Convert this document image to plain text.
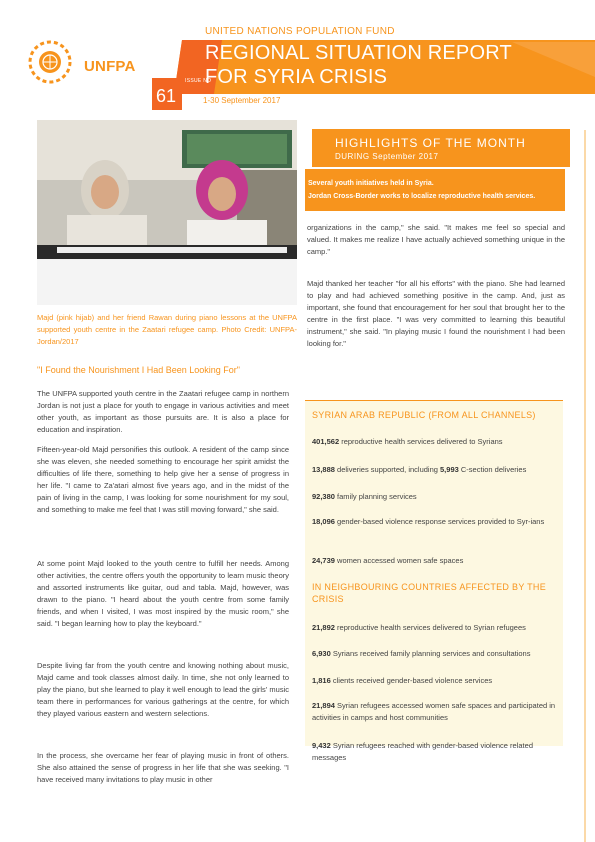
UNFPA
UNITED NATIONS POPULATION FUND
REGIONAL SITUATION REPORT
FOR SYRIA CRISIS
ISSUE NO
61	1-30 September 2017
Majd (pink hijab) and her friend Rawan during piano lessons at the UNFPA supported youth centre in the Zaatari refugee camp. Photo Credit: UNFPA-Jordan/2017
HIGHLIGHTS OF THE MONTH
DURING September 2017
Several youth initiatives held in Syria.
Jordan Cross-Border works to localize reproductive health services.
"I Found the Nourishment I Had Been Looking For"
The UNFPA supported youth centre in the Zaatari refugee camp in northern Jordan is not just a place for youth to engage in various activities and meet other youth, as important as those pursuits are. It is also a place for education and inspiration.
Fifteen-year-old Majd personifies this outlook. A resident of the camp since she was eleven, she needed something to encourage her spirit amidst the difficulties of life there, something to help give her a sense of progress in her life. "I came to Za'atari almost five years ago, and in the midst of the pain of living in the camp, I was looking for some nourishment for my soul, and something to make me feel that I was still moving forward," she said.
At some point Majd looked to the youth centre to fulfill her needs. Among other activities, the centre offers youth the opportunity to learn music theory and assorted instruments like guitar, oud and tabla. Majd, however, was drawn to the piano. "I heard about the youth centre from some family friends, and when I visited, I was most inspired by the music room," she said. "I began learning how to play the keyboard."
Despite living far from the youth centre and knowing nothing about music, Majd came and took classes almost daily. In time, she not only learned to play the piano, but she learned to play it well enough to lead the girls' music team there in performances for various gatherings at the centre, for which they played various eastern and western selections.
In the process, she overcame her fear of playing music in front of others. She also attained the sense of progress in her life that she was seeking. "I have received many invitations to play music in other
organizations in the camp," she said. "It makes me feel so special and valued. It makes me realize I have actually achieved something unique in the camp."
Majd thanked her teacher "for all his efforts" with the piano. She had learned to play and had achieved something positive in the camp. And, just as important, she found that encouragement for her soul that brought her to the centre in the first place. "I was very committed to learning this beautiful instrument," she said. "In playing music I found the nourishment I had been looking for."
SYRIAN ARAB REPUBLIC (FROM ALL CHANNELS)
401,562 reproductive health services delivered to Syrians
13,888 deliveries supported, including 5,993 C-section deliveries
92,380 family planning services
18,096 gender-based violence response services provided to Syr-ians
24,739 women accessed women safe spaces
IN NEIGHBOURING COUNTRIES AFFECTED BY THE
CRISIS
21,892 reproductive health services delivered to Syrian refugees
6,930 Syrians received family planning services and consultations
1,816 clients received gender-based violence services
21,894 Syrian refugees accessed women safe spaces and participated in activities in camps and host communities
9,432 Syrian refugees reached with gender-based violence related messages
